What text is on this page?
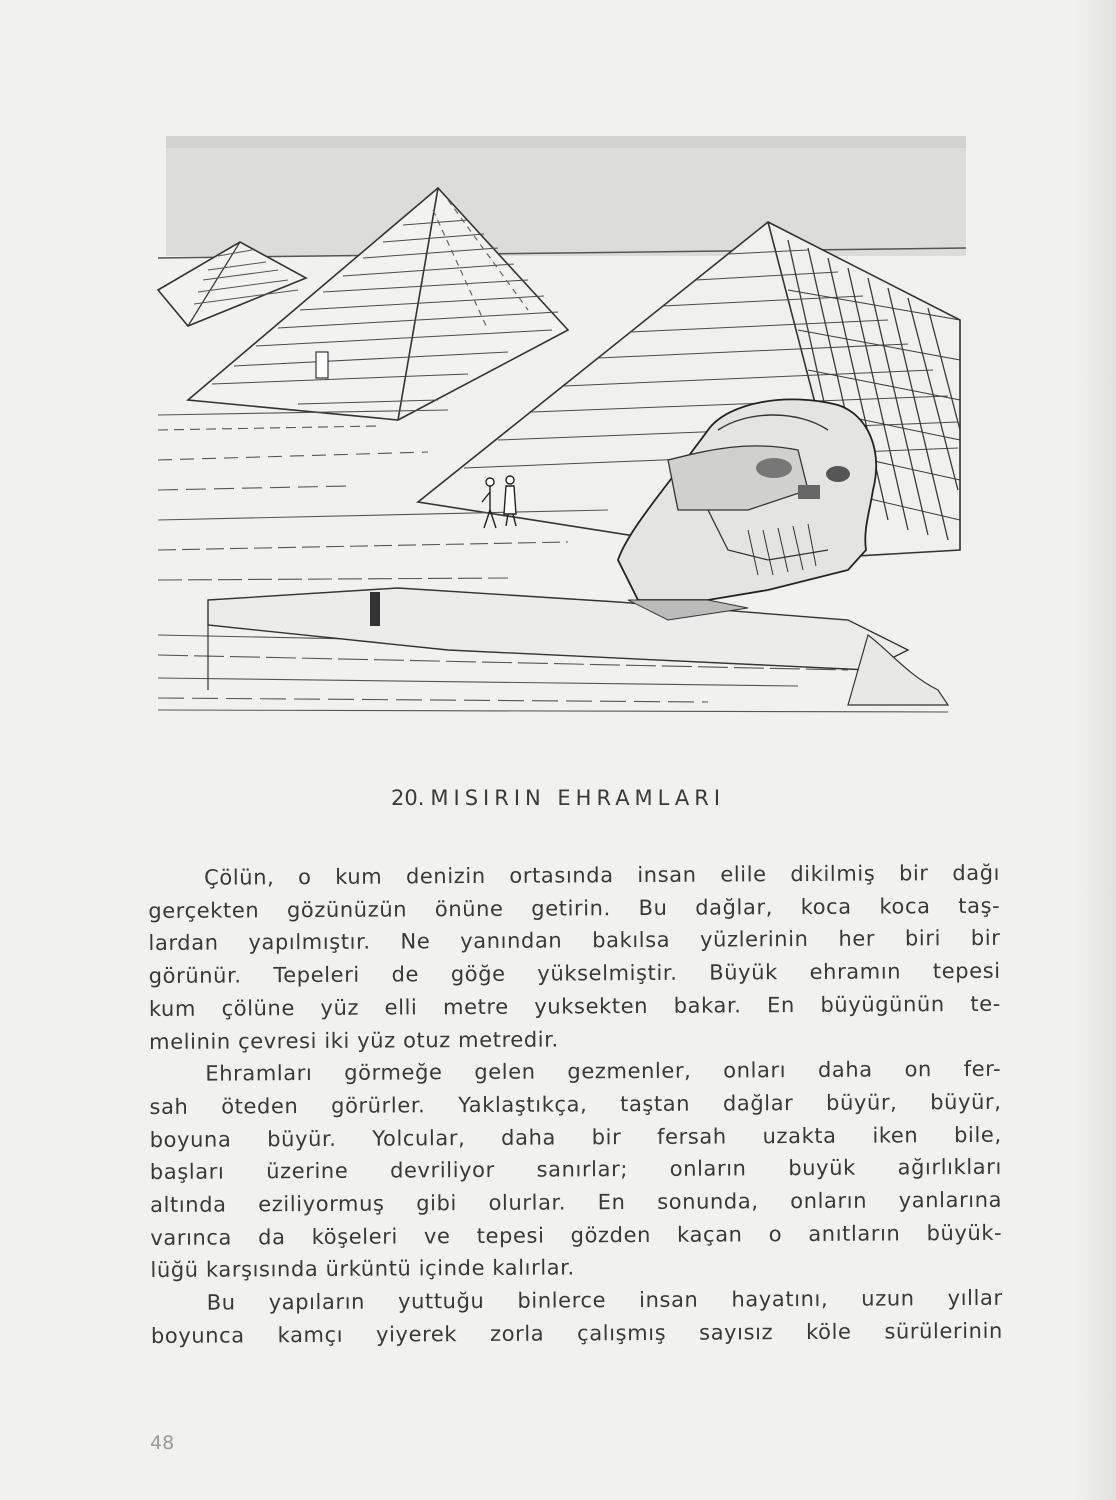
20. MISIRIN EHRAMLARI
Çölün, o kum denizin ortasında insan elile dikilmiş bir dağı
gerçekten gözünüzün önüne getirin. Bu dağlar, koca koca taş-
lardan yapılmıştır. Ne yanından bakılsa yüzlerinin her biri bir
görünür. Tepeleri de göğe yükselmiştir. Büyük ehramın tepesi
kum çölüne yüz elli metre yuksekten bakar. En büyügünün te-
melinin çevresi iki yüz otuz metredir.
Ehramları görmeğe gelen gezmenler, onları daha on fer-
sah öteden görürler. Yaklaştıkça, taştan dağlar büyür, büyür,
boyuna büyür. Yolcular, daha bir fersah uzakta iken bile,
başları üzerine devriliyor sanırlar; onların buyük ağırlıkları
altında eziliyormuş gibi olurlar. En sonunda, onların yanlarına
varınca da köşeleri ve tepesi gözden kaçan o anıtların büyük-
lüğü karşısında ürküntü içinde kalırlar.
Bu yapıların yuttuğu binlerce insan hayatını, uzun yıllar
boyunca kamçı yiyerek zorla çalışmış sayısız köle sürülerinin
48
